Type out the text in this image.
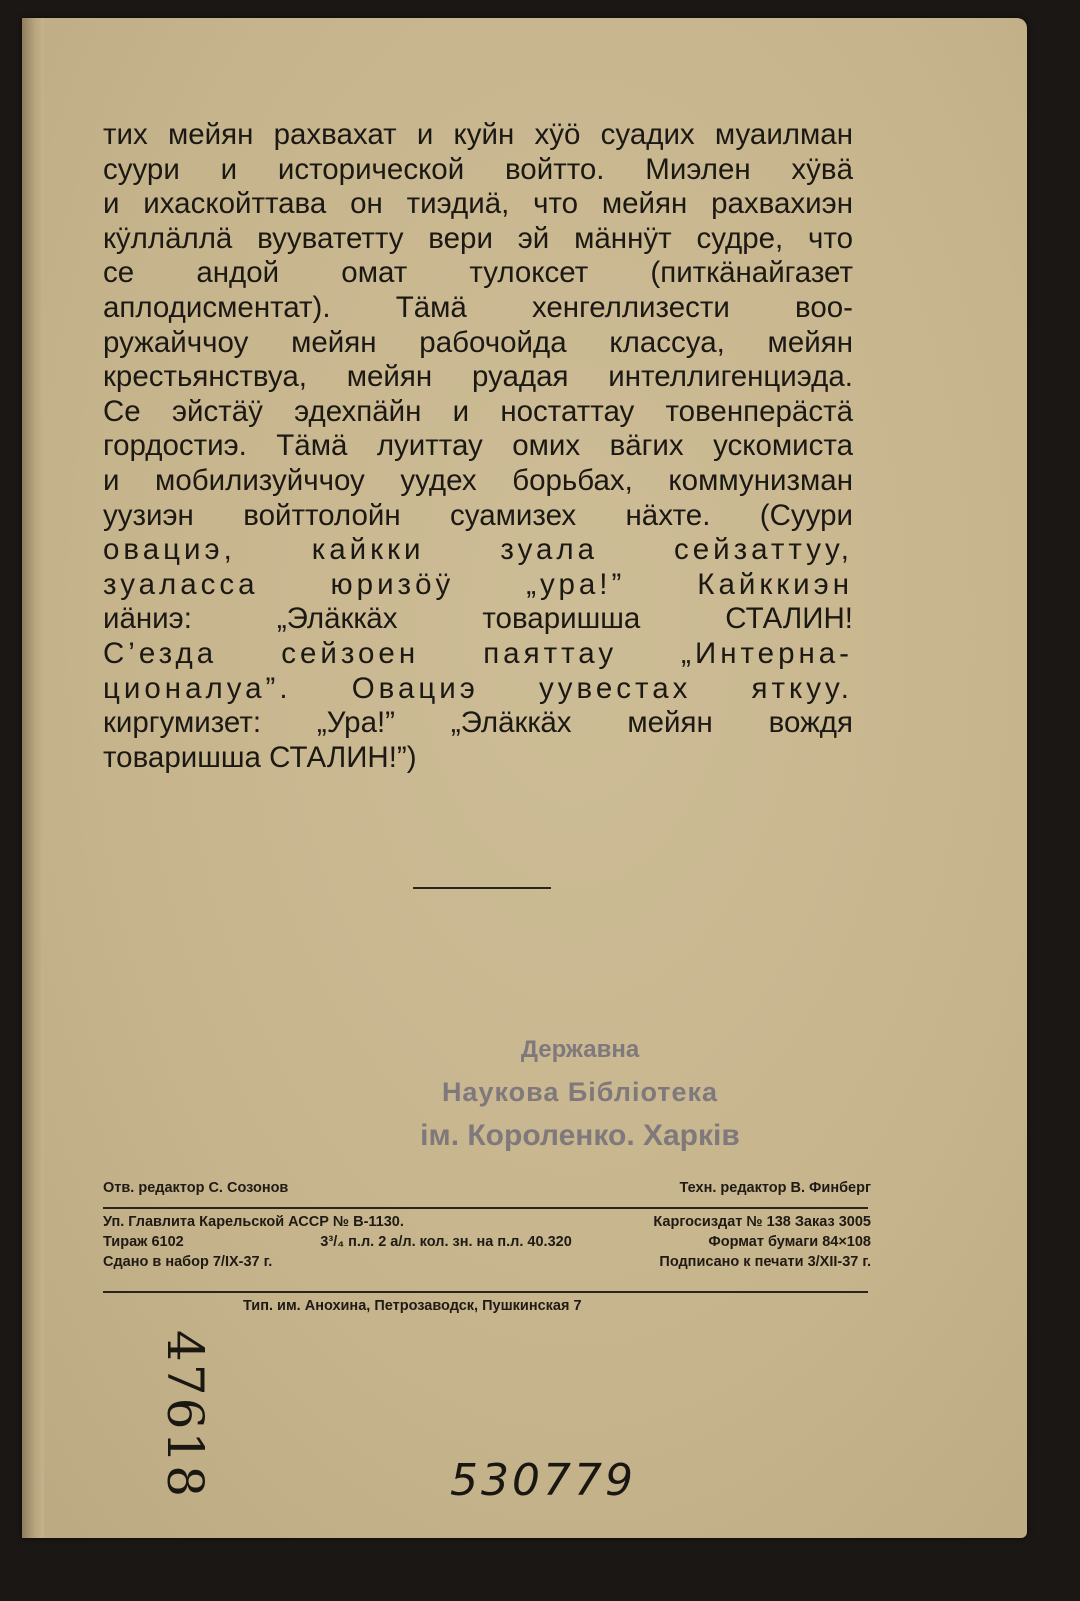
тих мейян рахвахат и куйн хӱӧ суадих муаилман
суури и исторической войтто. Миэлен хӱвӓ
и ихаскойттава он тиэдиӓ, что мейян рахвахиэн
кӱллӓллӓ вууватетту вери эй мӓннӱт судре, что
се андой омат тулоксет (питкӓнайгазет
аплодисментат). Тӓмӓ хенгеллизести воо-
ружайччоу мейян рабочойда классуа, мейян
крестьянствуа, мейян руадая интеллигенциэда.
Се эйстӓӱ эдехпӓйн и ностаттау товенперӓстӓ
гордостиэ. Тӓмӓ луиттау омих вӓгих ускомиста
и мобилизуйччоу уудех борьбах, коммунизман
уузиэн войттолойн суамизех нӓхте. (Суури
овациэ, кайкки зуала сейзаттуу,
зуаласса юризӧӱ „ура!” Кайккиэн
иӓниэ: „Элӓккӓх товаришша СТАЛИН!
С’езда сейзоен паяттау „Интерна-
ционалуа”. Овациэ уувестах яткуу.
киргумизет: „Ура!” „Элӓккӓх мейян вождя
товаришша СТАЛИН!”)
Державна
Наукова Бібліотека
ім. Короленко. Харків
Отв. редактор С. Созонов	Техн. редактор В. Финберг
Уп. Главлита Карельской АССР № В-1130.	Каргосиздат № 138 Заказ 3005
Тираж 6102	3³/₄ п.л. 2 а/л. кол. зн. на п.л. 40.320	Формат бумаги 84×108
Сдано в набор 7/IX-37 г.	Подписано к печати 3/XII-37 г.
Тип. им. Анохина, Петрозаводск, Пушкинская 7
47618	530779
